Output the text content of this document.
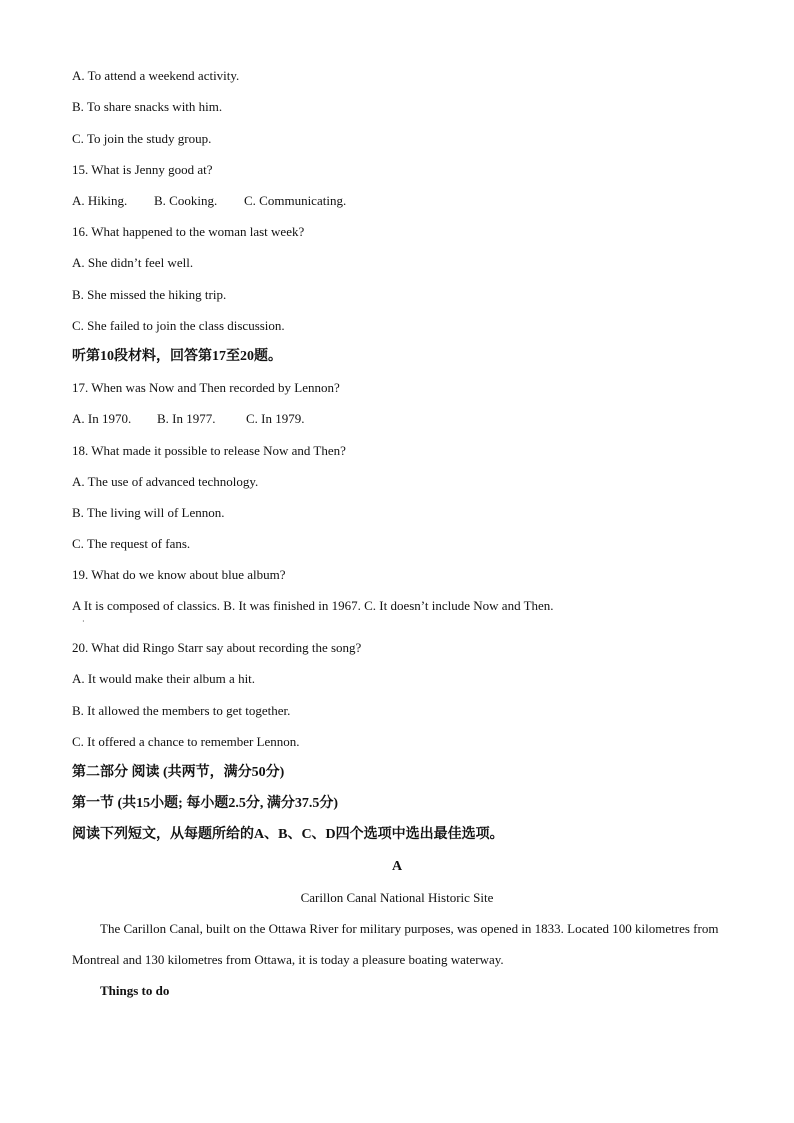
A. To attend a weekend activity.
B. To share snacks with him.
C. To join the study group.
15. What is Jenny good at?
A. Hiking. B. Cooking. C. Communicating.
16. What happened to the woman last week?
A. She didn’t feel well.
B. She missed the hiking trip.
C. She failed to join the class discussion.
听第10段材料，回答第17至20题。
17. When was Now and Then recorded by Lennon?
A. In 1970. B. In 1977. C. In 1979.
18. What made it possible to release Now and Then?
A. The use of advanced technology.
B. The living will of Lennon.
C. The request of fans.
19. What do we know about blue album?
A It is composed of classics. B. It was finished in 1967. C. It doesn’t include Now and Then.
·
20. What did Ringo Starr say about recording the song?
A. It would make their album a hit.
B. It allowed the members to get together.
C. It offered a chance to remember Lennon.
第二部分 阅读 (共两节，满分50分)
第一节 (共15小题; 每小题2.5分, 满分37.5分)
阅读下列短文，从每题所给的A、B、C、D四个选项中选出最佳选项。
A
Carillon Canal National Historic Site
The Carillon Canal, built on the Ottawa River for military purposes, was opened in 1833. Located 100 kilometres from Montreal and 130 kilometres from Ottawa, it is today a pleasure boating waterway.
Things to do
